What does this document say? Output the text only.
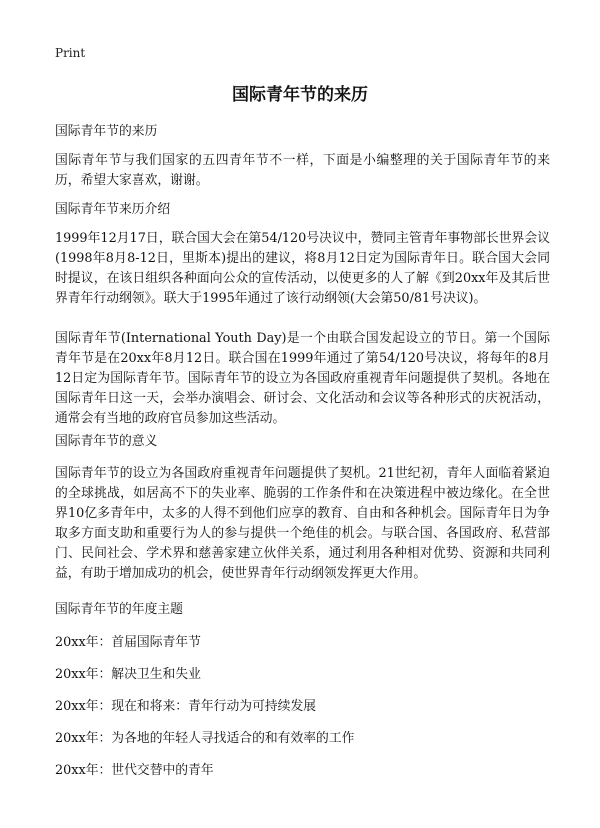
Print
国际青年节的来历

国际青年节的来历

国际青年节与我们国家的五四青年节不一样，下面是小编整理的关于国际青年节的来历，希望大家喜欢，谢谢。

国际青年节来历介绍

1999年12月17日，联合国大会在第54/120号决议中，赞同主管青年事物部长世界会议(1998年8月8-12日，里斯本)提出的建议，将8月12日定为国际青年日。联合国大会同时提议，在该日组织各种面向公众的宣传活动，以使更多的人了解《到20xx年及其后世界青年行动纲领》。联大于1995年通过了该行动纲领(大会第50/81号决议)。

国际青年节(International Youth Day)是一个由联合国发起设立的节日。第一个国际青年节是在20xx年8月12日。联合国在1999年通过了第54/120号决议，将每年的8月12日定为国际青年节。国际青年节的设立为各国政府重视青年问题提供了契机。各地在国际青年日这一天，会举办演唱会、研讨会、文化活动和会议等各种形式的庆祝活动，通常会有当地的政府官员参加这些活动。

国际青年节的意义

国际青年节的设立为各国政府重视青年问题提供了契机。21世纪初，青年人面临着紧迫的全球挑战，如居高不下的失业率、脆弱的工作条件和在决策进程中被边缘化。在全世界10亿多青年中，太多的人得不到他们应享的教育、自由和各种机会。国际青年日为争取多方面支助和重要行为人的参与提供一个绝佳的机会。与联合国、各国政府、私营部门、民间社会、学术界和慈善家建立伙伴关系，通过利用各种相对优势、资源和共同利益，有助于增加成功的机会，使世界青年行动纲领发挥更大作用。

国际青年节的年度主题

20xx年：首届国际青年节

20xx年：解决卫生和失业

20xx年：现在和将来：青年行动为可持续发展

20xx年：为各地的年轻人寻找适合的和有效率的工作

20xx年：世代交替中的青年
